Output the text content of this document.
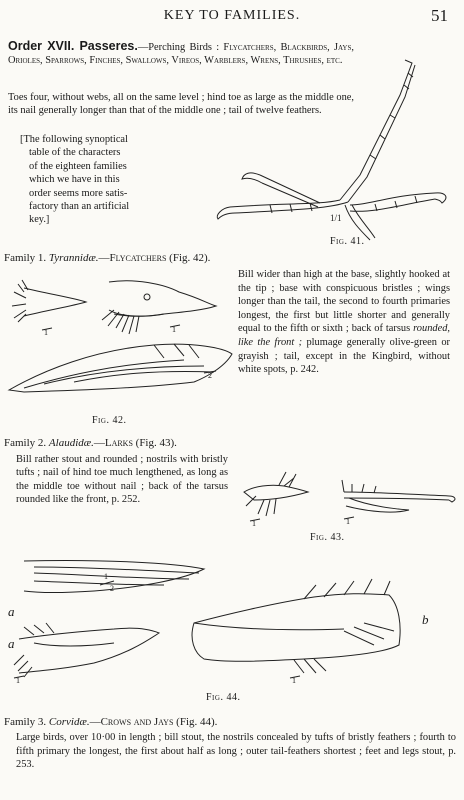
KEY TO FAMILIES.	51
Order XVII. Passeres.—Perching Birds : Flycatchers, Blackbirds, Jays, Orioles, Sparrows, Finches, Swallows, Vireos, Warblers, Wrens, Thrushes, etc.
Toes four, without webs, all on the same level ; hind toe as large as the middle one, its nail generally longer than that of the middle one ; tail of twelve feathers.
[The following synoptical
table of the characters
of the eighteen families
which we have in this
order seems more satis-
factory than an artificial
key.]	1/1
Fig. 41.
Family 1. Tyrannidæ.—Flycatchers (Fig. 42).
Bill wider than high at the base, slightly hooked at the tip ; base with conspicuous bristles ; wings longer than the tail, the second to fourth primaries longest, the first but little shorter and generally equal to the fifth or sixth ; back of tarsus rounded, like the front ; plumage generally olive-green or grayish ; tail, except in the Kingbird, without white spots, p. 242.
1	1
2
Fig. 42.
Family 2. Alaudidæ.—Larks (Fig. 43).
Bill rather stout and rounded ; nostrils with bristly tufts ; nail of hind toe much lengthened, as long as the middle toe without nail ; back of the tarsus rounded like the front, p. 252.
1	1
Fig. 43.
1
2
1	1
a
a
b
Fig. 44.
Family 3. Corvidæ.—Crows and Jays (Fig. 44).
Large birds, over 10·00 in length ; bill stout, the nostrils concealed by tufts of bristly feathers ; fourth to fifth primary the longest, the first about half as long ; outer tail-feathers shortest ; feet and legs stout, p. 253.
